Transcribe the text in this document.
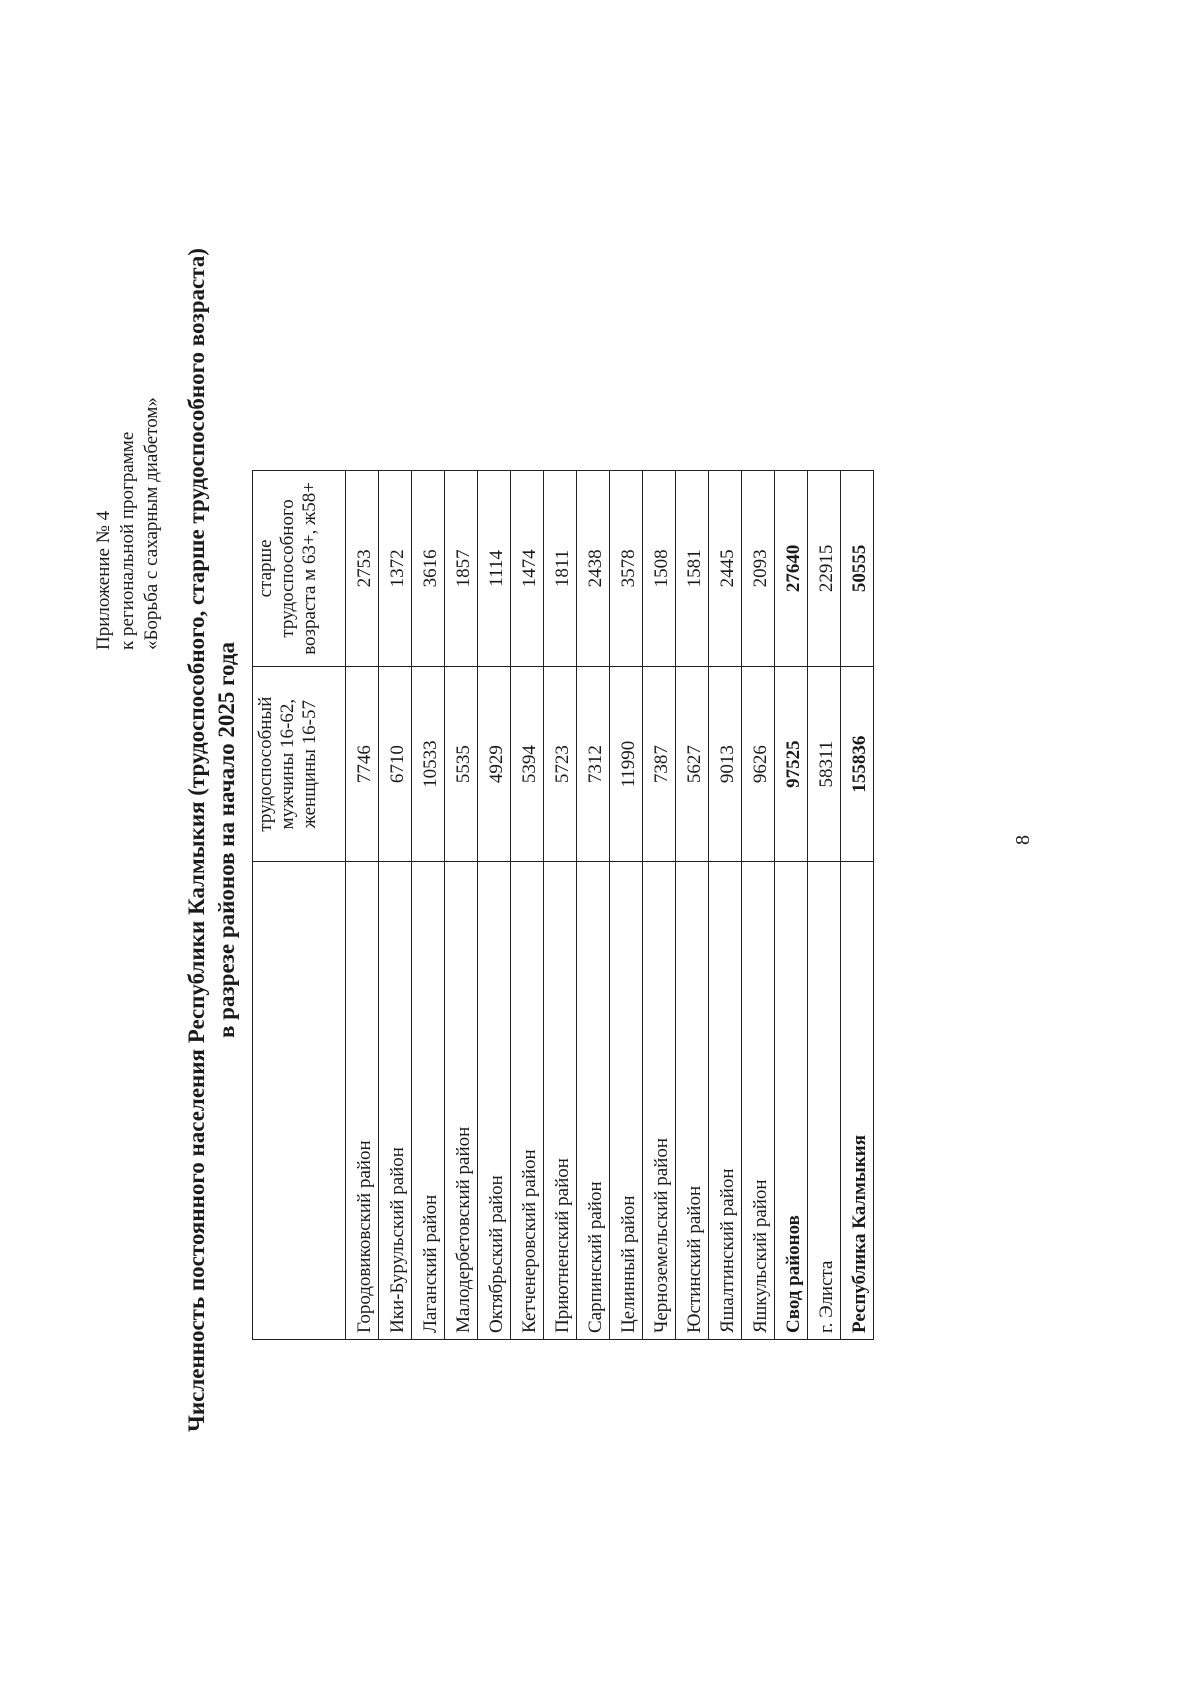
Приложение № 4 к региональной программе «Борьба с сахарным диабетом» Численность постоянного населения Республики Калмыкия (трудоспособного, старше трудоспособного возраста) в разрезе районов на начало 2025 года
	трудоспособный мужчины 16-62, женщины 16-57	старше трудоспособного возраста м 63+, ж58+
Городовиковский район	7746	2753
Ики-Бурульский район	6710	1372
Лаганский район	10533	3616
Малодербетовский район	5535	1857
Октябрьский район	4929	1114
Кетченеровский район	5394	1474
Приютненский район	5723	1811
Сарпинский район	7312	2438
Целинный район	11990	3578
Черноземельский район	7387	1508
Юстинский район	5627	1581
Яшалтинский район	9013	2445
Яшкульский район	9626	2093
Свод районов	97525	27640
г. Элиста	58311	22915
Республика Калмыкия	155836	50555
8
